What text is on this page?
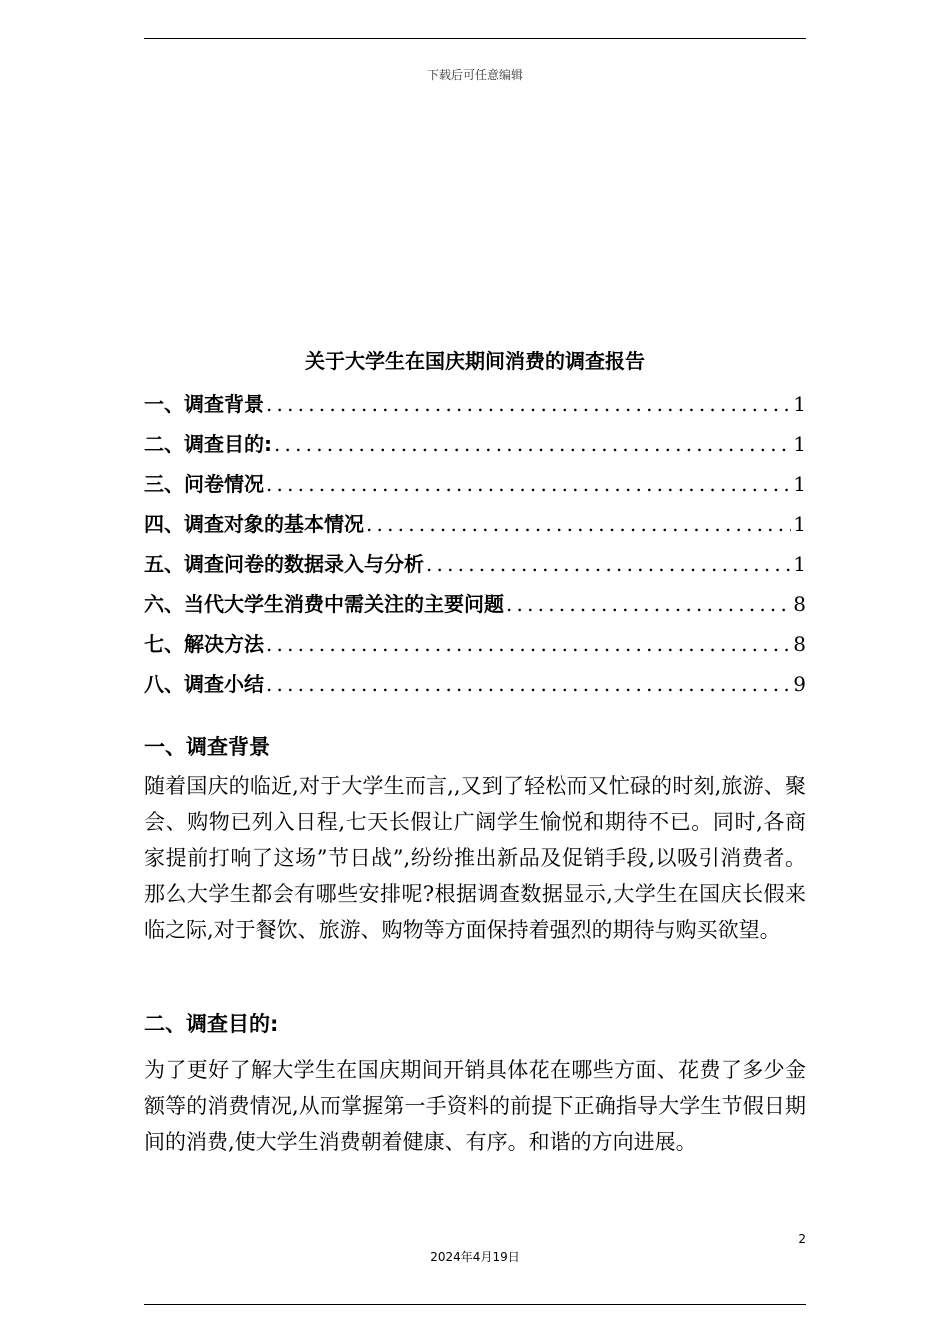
下载后可任意编辑
关于大学生在国庆期间消费的调查报告
一、调查背景 .....	1
二、调查目的: .....	1
三、问卷情况 .....	1
四、调查对象的基本情况 .....	1
五、调查问卷的数据录入与分析 .....	1
六、当代大学生消费中需关注的主要问题 .....	8
七、解决方法 .....	8
八、调查小结 .....	9
一、调查背景
随着国庆的临近,对于大学生而言,,又到了轻松而又忙碌的时刻,旅游、聚会、购物已列入日程,七天长假让广阔学生愉悦和期待不已。同时,各商家提前打响了这场”节日战”,纷纷推出新品及促销手段,以吸引消费者。那么大学生都会有哪些安排呢?根据调查数据显示,大学生在国庆长假来临之际,对于餐饮、旅游、购物等方面保持着强烈的期待与购买欲望。
二、调查目的:
为了更好了解大学生在国庆期间开销具体花在哪些方面、花费了多少金额等的消费情况,从而掌握第一手资料的前提下正确指导大学生节假日期间的消费,使大学生消费朝着健康、有序。和谐的方向进展。
2
2024年4月19日
